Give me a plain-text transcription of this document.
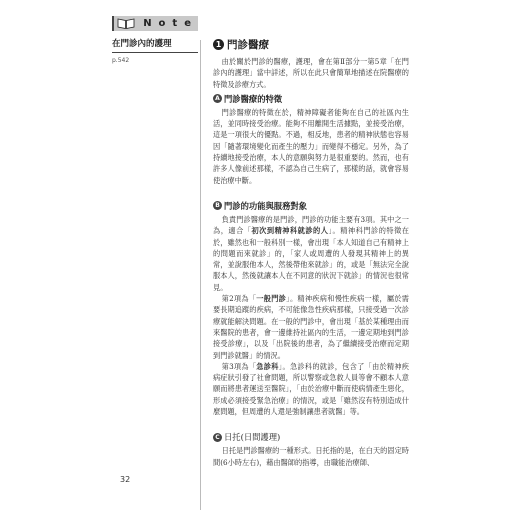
Note
在門診內的護理
p.542
1 門診醫療

由於關於門診的醫療，護理，會在第Ⅱ部分一第5章「在門診內的護理」當中詳述，所以在此只會簡單地描述在院醫療的特徵及診療方式。

A 門診醫療的特徵

門診醫療的特徵在於，精神障礙者能夠在自己的社區內生活，並同時接受治療。能夠不用離開生活據點，並接受治療，這是一項很大的優點。不過，相反地，患者的精神狀態也容易因「隨著環境變化而產生的壓力」而變得不穩定。另外，為了持續地接受治療，本人的意願與努力是很重要的。然而，也有許多人像前述那樣，不認為自己生病了，那樣的話，就會容易使治療中斷。

B 門診的功能與服務對象

負責門診醫療的是門診，門診的功能主要有3項。其中之一為，適合「初次到精神科就診的人」。精神科門診的特徵在於，雖然也和一般科別一樣，會出現「本人知道自己有精神上的問題而來就診」的，「家人或周遭的人發現其精神上的異常，並說服他本人，然後帶他來就診」的，或是「無法完全說服本人，然後就讓本人在不同意的狀況下就診」的情況也很常見。

第2項為「一般門診」。精神疾病和慢性疾病一樣，屬於需要長期追蹤的疾病，不可能像急性疾病那樣，只接受過一次診療就能解決問題。在一般的門診中，會出現「基於某種理由而來醫院的患者，會一邊維持社區內的生活，一邊定期地到門診接受診療」，以及「出院後的患者，為了繼續接受治療而定期到門診就醫」的情況。

第3項為「急診科」。急診科的就診，包含了「由於精神疾病症狀引發了社會問題，所以警察或急救人員等會不顧本人意願而將患者運送至醫院」，「由於治療中斷而使病情產生惡化，形成必須接受緊急治療」的情況，或是「雖然沒有特別造成什麼問題，但周遭的人還是強制讓患者就醫」等。

C 日托(日間護理)

日托是門診醫療的一種形式。日托指的是，在白天的固定時間(6小時左右)，藉由醫師的指導，由職能治療師、

32
